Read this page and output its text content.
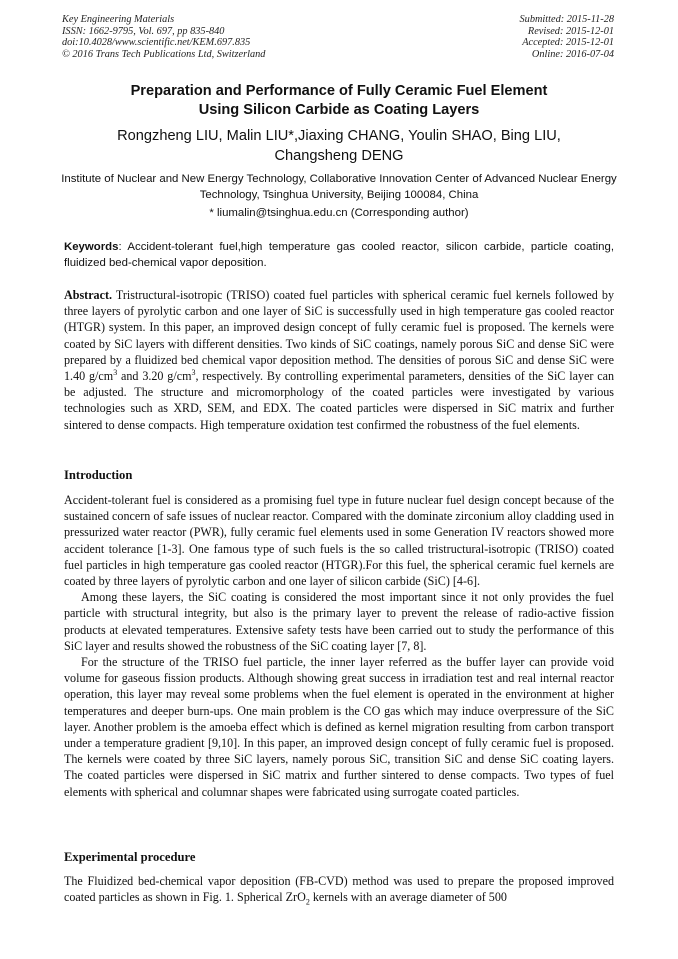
Key Engineering Materials
ISSN: 1662-9795, Vol. 697, pp 835-840
doi:10.4028/www.scientific.net/KEM.697.835
© 2016 Trans Tech Publications Ltd, Switzerland
Submitted: 2015-11-28
Revised: 2015-12-01
Accepted: 2015-12-01
Online: 2016-07-04
Preparation and Performance of Fully Ceramic Fuel Element
Using Silicon Carbide as Coating Layers
Rongzheng LIU, Malin LIU*,Jiaxing CHANG, Youlin SHAO, Bing LIU,
Changsheng DENG
Institute of Nuclear and New Energy Technology, Collaborative Innovation Center of Advanced Nuclear Energy Technology, Tsinghua University, Beijing 100084, China
* liumalin@tsinghua.edu.cn (Corresponding author)
Keywords: Accident-tolerant fuel,high temperature gas cooled reactor, silicon carbide, particle coating, fluidized bed-chemical vapor deposition.
Abstract. Tristructural-isotropic (TRISO) coated fuel particles with spherical ceramic fuel kernels followed by three layers of pyrolytic carbon and one layer of SiC is successfully used in high temperature gas cooled reactor (HTGR) system. In this paper, an improved design concept of fully ceramic fuel is proposed. The kernels were coated by SiC layers with different densities. Two kinds of SiC coatings, namely porous SiC and dense SiC were prepared by a fluidized bed chemical vapor deposition method. The densities of porous SiC and dense SiC were 1.40 $g/cm^3$ and 3.20 $g/cm^3$, respectively. By controlling experimental parameters, densities of the SiC layer can be adjusted. The structure and micromorphology of the coated particles were investigated by various technologies such as XRD, SEM, and EDX. The coated particles were dispersed in SiC matrix and further sintered to dense compacts. High temperature oxidation test confirmed the robustness of the fuel elements.
Introduction

Accident-tolerant fuel is considered as a promising fuel type in future nuclear fuel design concept because of the sustained concern of safe issues of nuclear reactor. Compared with the dominate zirconium alloy cladding used in pressurized water reactor (PWR), fully ceramic fuel elements used in some Generation IV reactors showed more accident tolerance [1-3]. One famous type of such fuels is the so called tristructural-isotropic (TRISO) coated fuel particles in high temperature gas cooled reactor (HTGR).For this fuel, the spherical ceramic fuel kernels are coated by three layers of pyrolytic carbon and one layer of silicon carbide (SiC) [4-6].

Among these layers, the SiC coating is considered the most important since it not only provides the fuel particle with structural integrity, but also is the primary layer to prevent the release of radio-active fission products at elevated temperatures. Extensive safety tests have been carried out to study the performance of this SiC layer and results showed the robustness of the SiC coating layer [7, 8].

For the structure of the TRISO fuel particle, the inner layer referred as the buffer layer can provide void volume for gaseous fission products. Although showing great success in irradiation test and real internal reactor operation, this layer may reveal some problems when the fuel element is operated in the environment at higher temperatures and deeper burn-ups. One main problem is the CO gas which may induce overpressure of the SiC layer. Another problem is the amoeba effect which is defined as kernel migration resulting from carbon transport under a temperature gradient [9,10]. In this paper, an improved design concept of fully ceramic fuel is proposed. The kernels were coated by three SiC layers, namely porous SiC, transition SiC and dense SiC coating layers. The coated particles were dispersed in SiC matrix and further sintered to dense compacts. Two types of fuel elements with spherical and columnar shapes were fabricated using surrogate coated particles.

Experimental procedure
The Fluidized bed-chemical vapor deposition (FB-CVD) method was used to prepare the proposed improved coated particles as shown in Fig. 1. Spherical ZrO$_2$ kernels with an average diameter of 500
